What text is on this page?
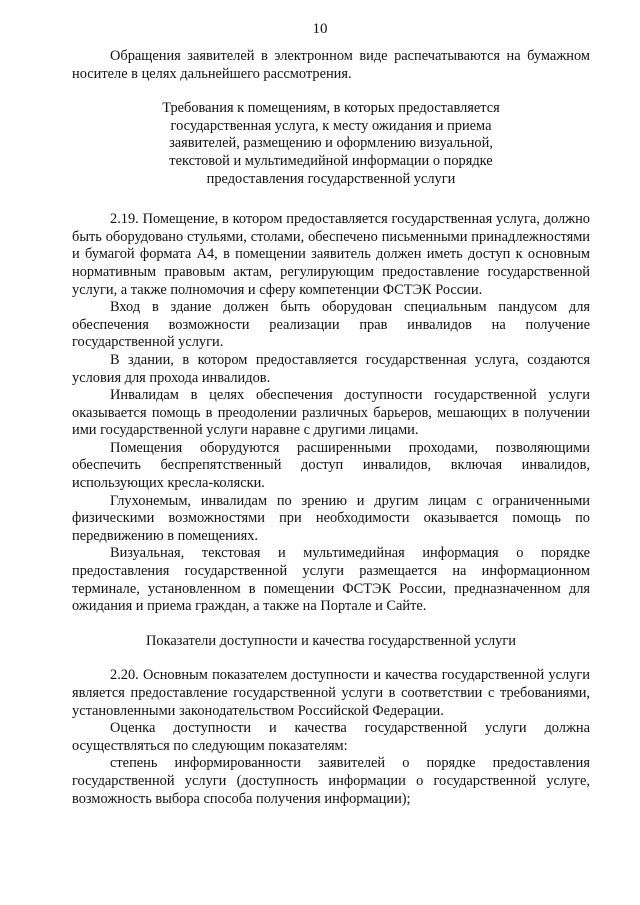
10

Обращения заявителей в электронном виде распечатываются на бумажном носителе в целях дальнейшего рассмотрения.

Требования к помещениям, в которых предоставляется государственная услуга, к месту ожидания и приема заявителей, размещению и оформлению визуальной, текстовой и мультимедийной информации о порядке предоставления государственной услуги

2.19. Помещение, в котором предоставляется государственная услуга, должно быть оборудовано стульями, столами, обеспечено письменными принадлежностями и бумагой формата А4, в помещении заявитель должен иметь доступ к основным нормативным правовым актам, регулирующим предоставление государственной услуги, а также полномочия и сферу компетенции ФСТЭК России.

Вход в здание должен быть оборудован специальным пандусом для обеспечения возможности реализации прав инвалидов на получение государственной услуги.

В здании, в котором предоставляется государственная услуга, создаются условия для прохода инвалидов.

Инвалидам в целях обеспечения доступности государственной услуги оказывается помощь в преодолении различных барьеров, мешающих в получении ими государственной услуги наравне с другими лицами.

Помещения оборудуются расширенными проходами, позволяющими обеспечить беспрепятственный доступ инвалидов, включая инвалидов, использующих кресла-коляски.

Глухонемым, инвалидам по зрению и другим лицам с ограниченными физическими возможностями при необходимости оказывается помощь по передвижению в помещениях.

Визуальная, текстовая и мультимедийная информация о порядке предоставления государственной услуги размещается на информационном терминале, установленном в помещении ФСТЭК России, предназначенном для ожидания и приема граждан, а также на Портале и Сайте.

Показатели доступности и качества государственной услуги

2.20. Основным показателем доступности и качества государственной услуги является предоставление государственной услуги в соответствии с требованиями, установленными законодательством Российской Федерации.

Оценка доступности и качества государственной услуги должна осуществляться по следующим показателям:

степень информированности заявителей о порядке предоставления государственной услуги (доступность информации о государственной услуге, возможность выбора способа получения информации);
